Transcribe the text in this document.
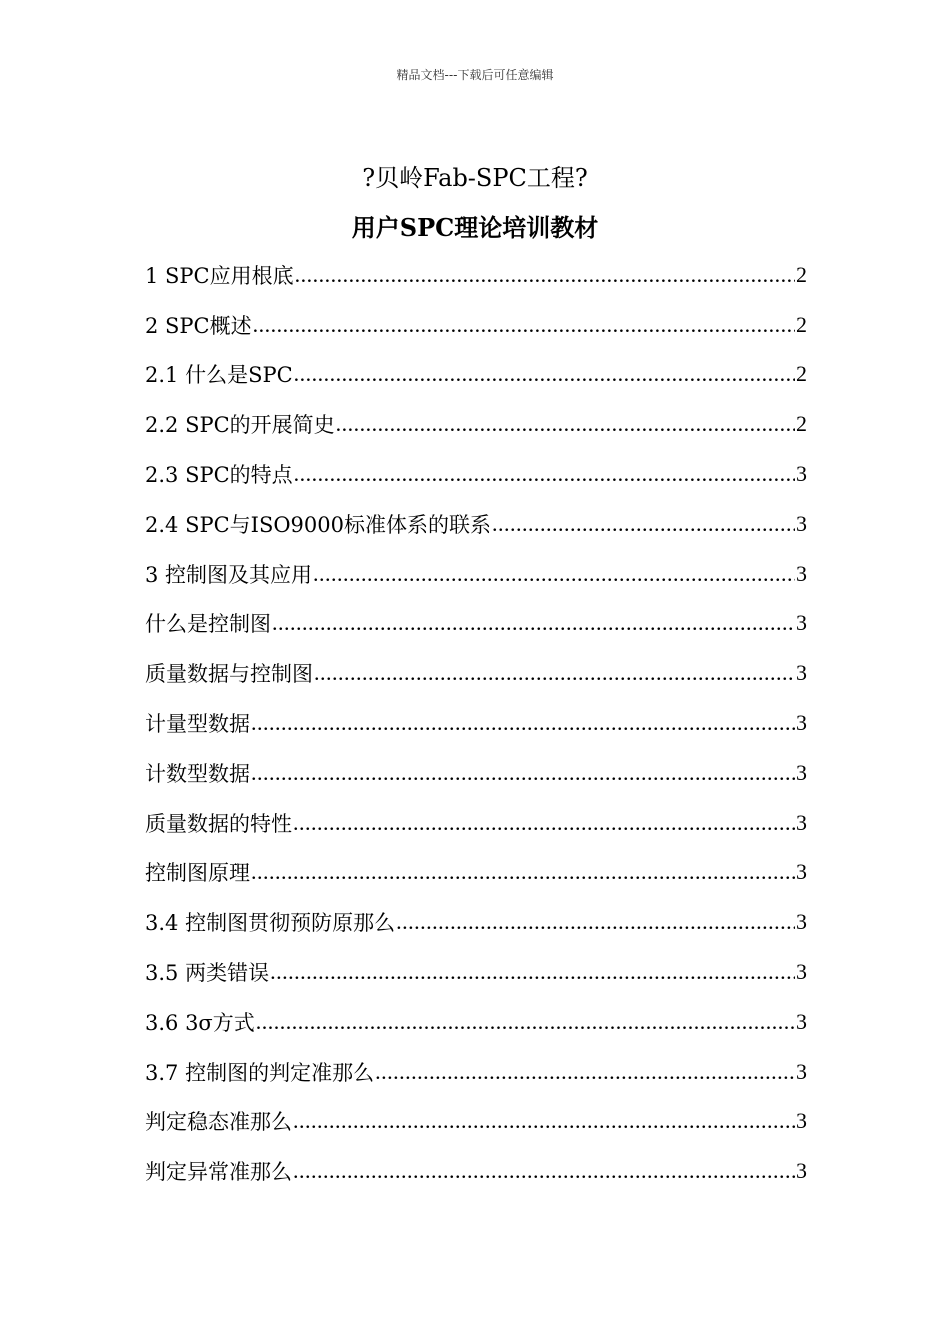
精品文档---下载后可任意编辑
?贝岭Fab-SPC工程?
用户SPC理论培训教材
1 SPC应用根底 .....	2
2 SPC概述 .....	2
2.1 什么是SPC .....	2
2.2 SPC的开展简史 .....	2
2.3 SPC的特点 .....	3
2.4 SPC与ISO9000标准体系的联系 .....	3
3 控制图及其应用 .....	3
什么是控制图 .....	3
质量数据与控制图 .....	3
计量型数据 .....	3
计数型数据 .....	3
质量数据的特性 .....	3
控制图原理 .....	3
3.4 控制图贯彻预防原那么 .....	3
3.5 两类错误 .....	3
3.6 3σ方式 .....	3
3.7 控制图的判定准那么 .....	3
判定稳态准那么 .....	3
判定异常准那么 .....	3
